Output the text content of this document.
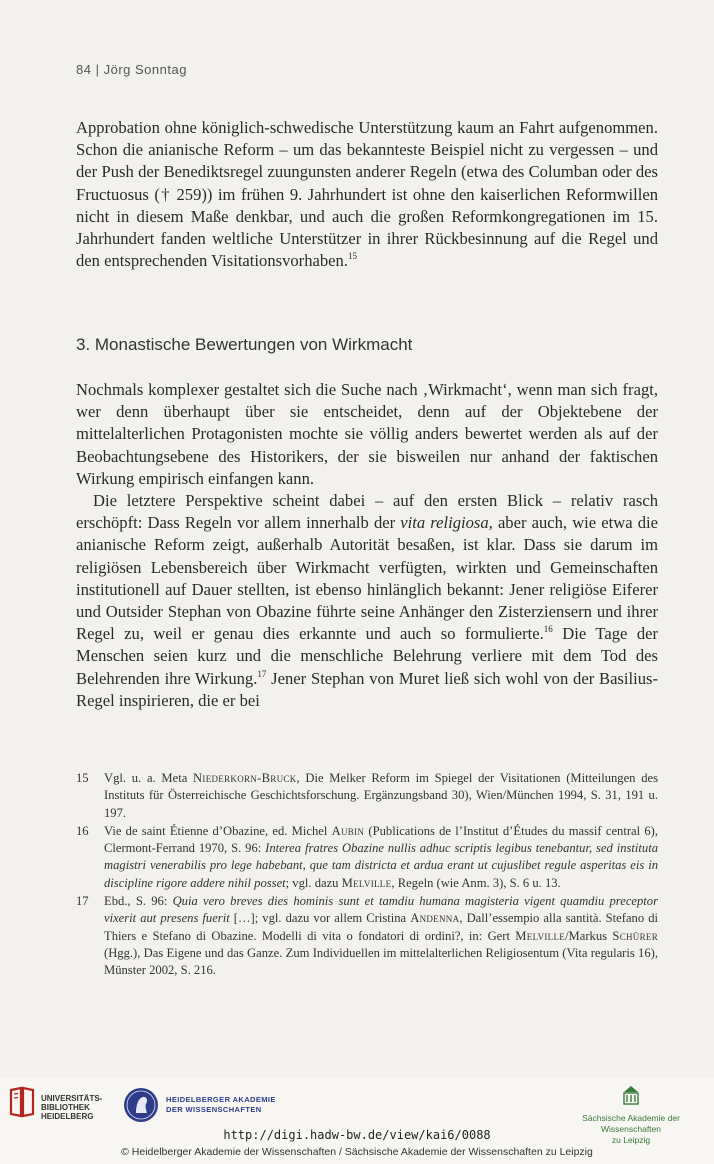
84 | Jörg Sonntag

Approbation ohne königlich-schwedische Unterstützung kaum an Fahrt aufgenommen. Schon die anianische Reform – um das bekannteste Beispiel nicht zu vergessen – und der Push der Benediktsregel zuungunsten anderer Regeln (etwa des Columban oder des Fructuosus († 259)) im frühen 9. Jahrhundert ist ohne den kaiserlichen Reformwillen nicht in diesem Maße denkbar, und auch die großen Reformkongregationen im 15. Jahrhundert fanden weltliche Unterstützer in ihrer Rückbesinnung auf die Regel und den entsprechenden Visitationsvorhaben.$^{15}$

3. Monastische Bewertungen von Wirkmacht

Nochmals komplexer gestaltet sich die Suche nach ‚Wirkmacht‘, wenn man sich fragt, wer denn überhaupt über sie entscheidet, denn auf der Objektebene der mittelalterlichen Protagonisten mochte sie völlig anders bewertet werden als auf der Beobachtungsebene des Historikers, der sie bisweilen nur anhand der faktischen Wirkung empirisch einfangen kann.

Die letztere Perspektive scheint dabei – auf den ersten Blick – relativ rasch erschöpft: Dass Regeln vor allem innerhalb der vita religiosa, aber auch, wie etwa die anianische Reform zeigt, außerhalb Autorität besaßen, ist klar. Dass sie darum im religiösen Lebensbereich über Wirkmacht verfügten, wirkten und Gemeinschaften institutionell auf Dauer stellten, ist ebenso hinlänglich bekannt: Jener religiöse Eiferer und Outsider Stephan von Obazine führte seine Anhänger den Zisterziensern und ihrer Regel zu, weil er genau dies erkannte und auch so formulierte.$^{16}$ Die Tage der Menschen seien kurz und die menschliche Belehrung verliere mit dem Tod des Belehrenden ihre Wirkung.$^{17}$ Jener Stephan von Muret ließ sich wohl von der Basilius-Regel inspirieren, die er bei

15	Vgl. u. a. Meta Niederkorn-Bruck, Die Melker Reform im Spiegel der Visitationen (Mitteilungen des Instituts für Österreichische Geschichtsforschung. Ergänzungsband 30), Wien/München 1994, S. 31, 191 u. 197.
16	Vie de saint Étienne d’Obazine, ed. Michel Aubin (Publications de l’Institut d’Études du massif central 6), Clermont-Ferrand 1970, S. 96: Interea fratres Obazine nullis adhuc scriptis legibus tenebantur, sed instituta magistri venerabilis pro lege habebant, que tam districta et ardua erant ut cujuslibet regule asperitas eis in discipline rigore addere nihil posset; vgl. dazu Melville, Regeln (wie Anm. 3), S. 6 u. 13.
17	Ebd., S. 96: Quia vero breves dies hominis sunt et tamdiu humana magisteria vigent quamdiu preceptor vixerit aut presens fuerit […]; vgl. dazu vor allem Cristina Andenna, Dall’essempio alla santità. Stefano di Thiers e Stefano di Obazine. Modelli di vita o fondatori di ordini?, in: Gert Melville/Markus Schürer (Hgg.), Das Eigene und das Ganze. Zum Individuellen im mittelalterlichen Religiosentum (Vita regularis 16), Münster 2002, S. 216.
UNIVERSITÄTS-
BIBLIOTHEK
HEIDELBERG
HEIDELBERGER AKADEMIE
DER WISSENSCHAFTEN
Sächsische Akademie der Wissenschaften
zu Leipzig
http://digi.hadw-bw.de/view/kai6/0088
© Heidelberger Akademie der Wissenschaften / Sächsische Akademie der Wissenschaften zu Leipzig
